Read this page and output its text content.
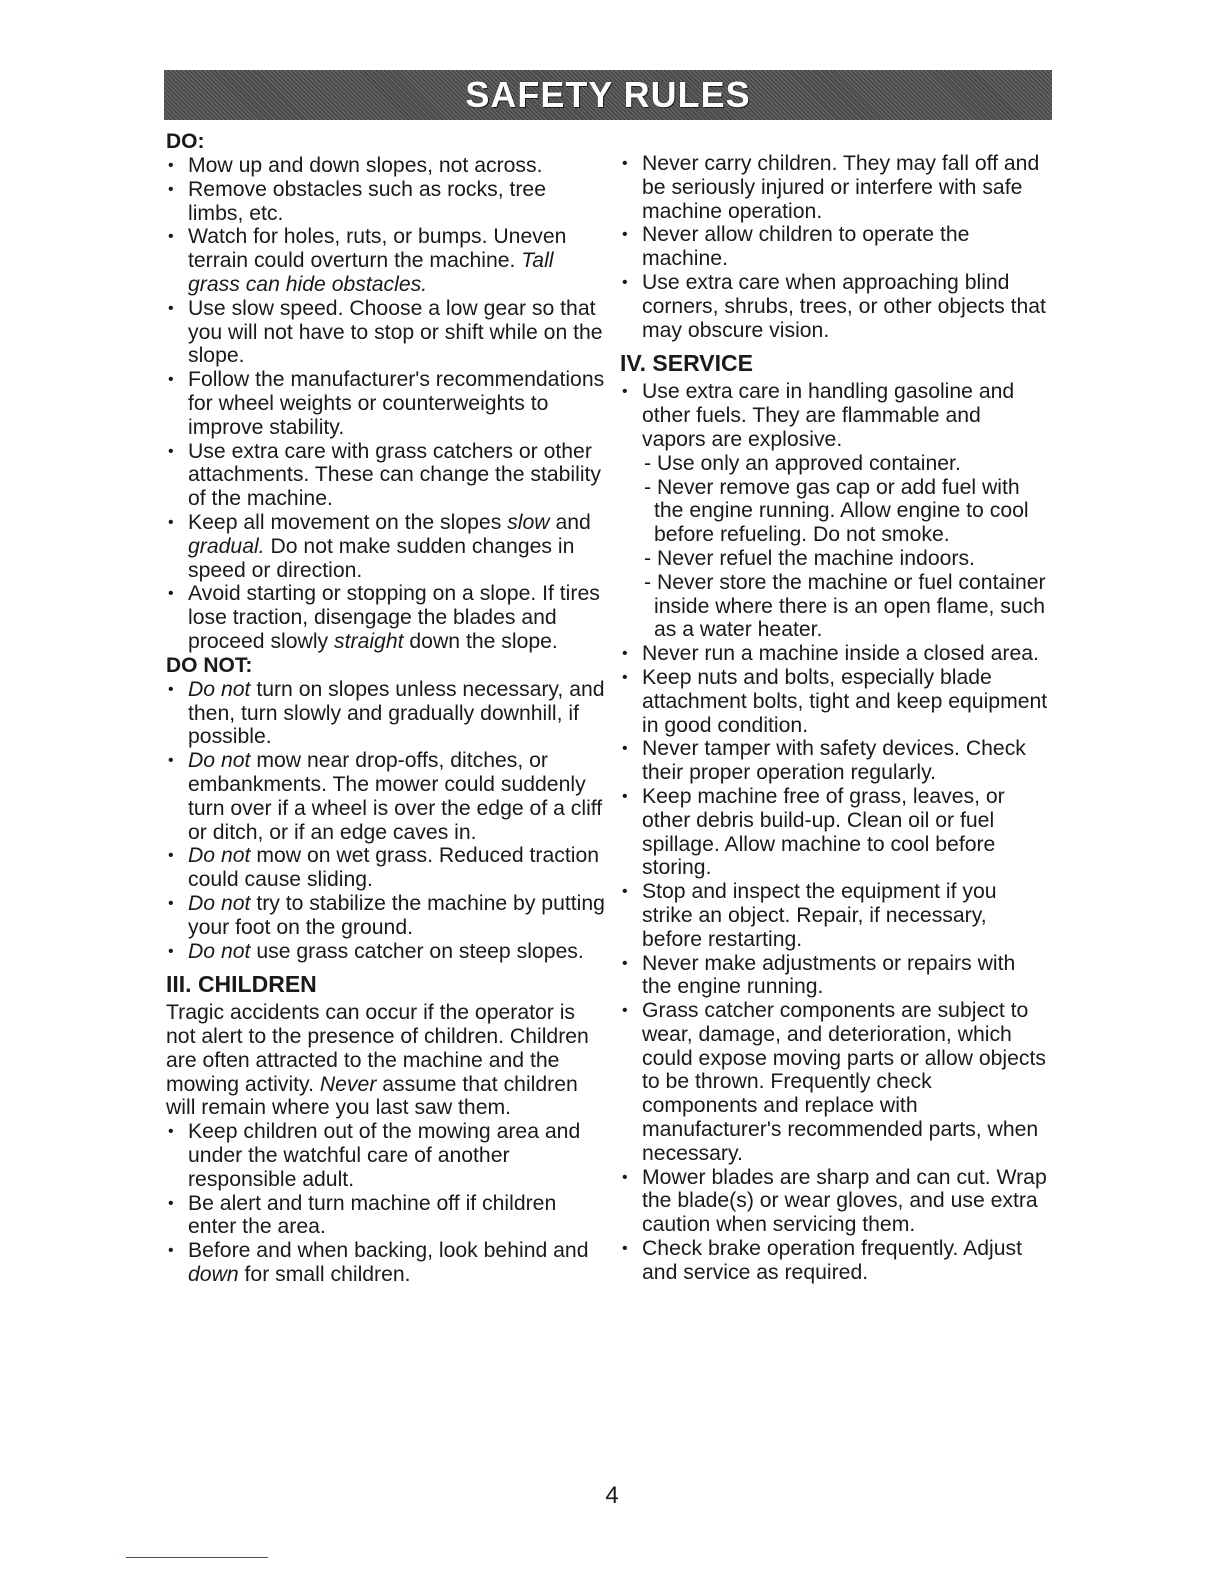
SAFETY RULES

DO:

• Mow up and down slopes, not across.

• Remove obstacles such as rocks, tree limbs, etc.

• Watch for holes, ruts, or bumps. Uneven terrain could overturn the machine. Tall grass can hide obstacles.

• Use slow speed. Choose a low gear so that you will not have to stop or shift while on the slope.

• Follow the manufacturer's recommendations for wheel weights or counterweights to improve stability.

• Use extra care with grass catchers or other attachments. These can change the stability of the machine.

• Keep all movement on the slopes slow and gradual. Do not make sudden changes in speed or direction.

• Avoid starting or stopping on a slope. If tires lose traction, disengage the blades and proceed slowly straight down the slope.

DO NOT:

• Do not turn on slopes unless necessary, and then, turn slowly and gradually downhill, if possible.

• Do not mow near drop-offs, ditches, or embankments. The mower could suddenly turn over if a wheel is over the edge of a cliff or ditch, or if an edge caves in.

• Do not mow on wet grass. Reduced traction could cause sliding.

• Do not try to stabilize the machine by putting your foot on the ground.

• Do not use grass catcher on steep slopes.

III. CHILDREN

Tragic accidents can occur if the operator is not alert to the presence of children. Children are often attracted to the machine and the mowing activity. Never assume that children will remain where you last saw them.

• Keep children out of the mowing area and under the watchful care of another responsible adult.

• Be alert and turn machine off if children enter the area.

• Before and when backing, look behind and down for small children.

• Never carry children. They may fall off and be seriously injured or interfere with safe machine operation.

• Never allow children to operate the machine.

• Use extra care when approaching blind corners, shrubs, trees, or other objects that may obscure vision.

IV. SERVICE

• Use extra care in handling gasoline and other fuels. They are flammable and vapors are explosive.

- Use only an approved container.

- Never remove gas cap or add fuel with the engine running. Allow engine to cool before refueling. Do not smoke.

- Never refuel the machine indoors.

- Never store the machine or fuel container inside where there is an open flame, such as a water heater.

• Never run a machine inside a closed area.

• Keep nuts and bolts, especially blade attachment bolts, tight and keep equipment in good condition.

• Never tamper with safety devices. Check their proper operation regularly.

• Keep machine free of grass, leaves, or other debris build-up. Clean oil or fuel spillage. Allow machine to cool before storing.

• Stop and inspect the equipment if you strike an object. Repair, if necessary, before restarting.

• Never make adjustments or repairs with the engine running.

• Grass catcher components are subject to wear, damage, and deterioration, which could expose moving parts or allow objects to be thrown. Frequently check components and replace with manufacturer's recommended parts, when necessary.

• Mower blades are sharp and can cut. Wrap the blade(s) or wear gloves, and use extra caution when servicing them.

• Check brake operation frequently. Adjust and service as required.

4
